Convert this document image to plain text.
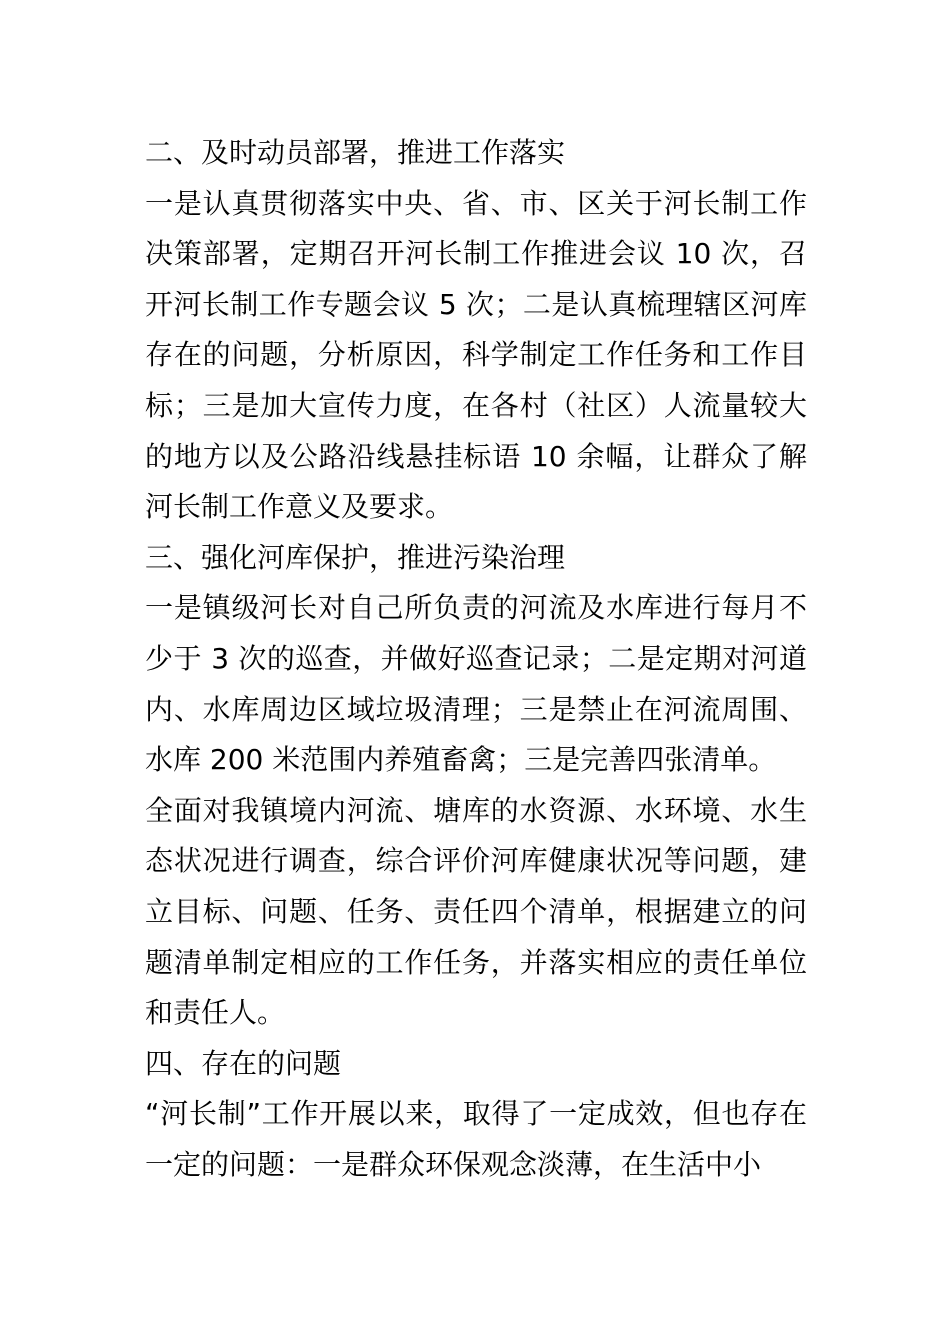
二、及时动员部署，推进工作落实

一是认真贯彻落实中央、省、市、区关于河长制工作决策部署，定期召开河长制工作推进会议 10 次，召开河长制工作专题会议 5 次；二是认真梳理辖区河库存在的问题，分析原因，科学制定工作任务和工作目标；三是加大宣传力度，在各村（社区）人流量较大的地方以及公路沿线悬挂标语 10 余幅，让群众了解河长制工作意义及要求。

三、强化河库保护，推进污染治理

一是镇级河长对自己所负责的河流及水库进行每月不少于 3 次的巡查，并做好巡查记录；二是定期对河道内、水库周边区域垃圾清理；三是禁止在河流周围、水库 200 米范围内养殖畜禽；三是完善四张清单。

全面对我镇境内河流、塘库的水资源、水环境、水生态状况进行调查，综合评价河库健康状况等问题，建立目标、问题、任务、责任四个清单，根据建立的问题清单制定相应的工作任务，并落实相应的责任单位和责任人。

四、存在的问题

“河长制”工作开展以来，取得了一定成效，但也存在一定的问题：一是群众环保观念淡薄，在生活中小
